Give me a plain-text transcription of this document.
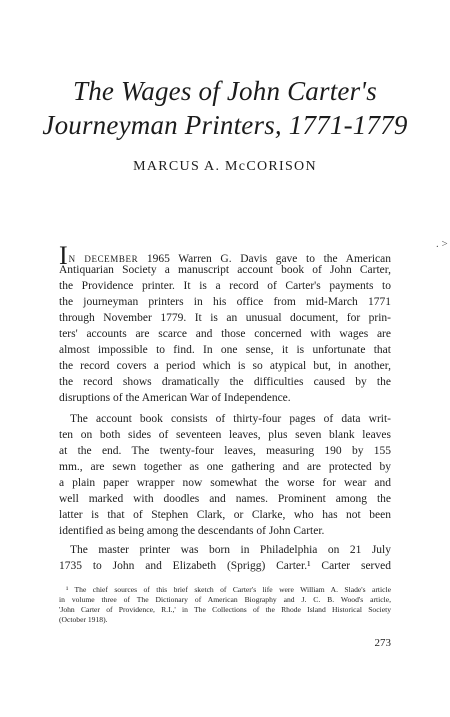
The Wages of John Carter's
Journeyman Printers, 1771-1779
MARCUS A. McCORISON
. >
IN DECEMBER 1965 Warren G. Davis gave to the American
Antiquarian Society a manuscript account book of John Carter,
the Providence printer. It is a record of Carter's payments to
the journeyman printers in his office from mid-March 1771
through November 1779. It is an unusual document, for prin-
ters' accounts are scarce and those concerned with wages are
almost impossible to find. In one sense, it is unfortunate that
the record covers a period which is so atypical but, in another,
the record shows dramatically the difficulties caused by the
disruptions of the American War of Independence.
The account book consists of thirty-four pages of data writ-
ten on both sides of seventeen leaves, plus seven blank leaves
at the end. The twenty-four leaves, measuring 190 by 155
mm., are sewn together as one gathering and are protected by
a plain paper wrapper now somewhat the worse for wear and
well marked with doodles and names. Prominent among the
latter is that of Stephen Clark, or Clarke, who has not been
identified as being among the descendants of John Carter.
The master printer was born in Philadelphia on 21 July
1735 to John and Elizabeth (Sprigg) Carter.¹ Carter served
¹ The chief sources of this brief sketch of Carter's life were William A. Slade's article
in volume three of The Dictionary of American Biography and J. C. B. Wood's article,
'John Carter of Providence, R.I.,' in The Collections of the Rhode Island Historical Society
(October 1918).
273
